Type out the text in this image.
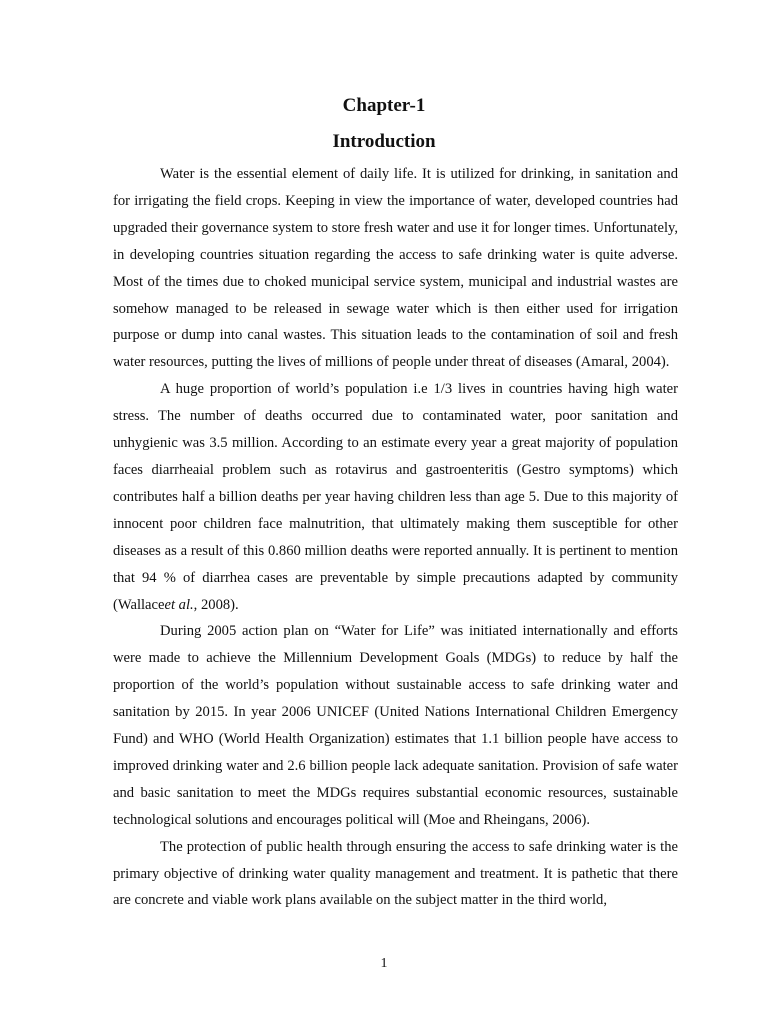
Chapter-1
Introduction

Water is the essential element of daily life. It is utilized for drinking, in sanitation and for irrigating the field crops. Keeping in view the importance of water, developed countries had upgraded their governance system to store fresh water and use it for longer times. Unfortunately, in developing countries situation regarding the access to safe drinking water is quite adverse. Most of the times due to choked municipal service system, municipal and industrial wastes are somehow managed to be released in sewage water which is then either used for irrigation purpose or dump into canal wastes. This situation leads to the contamination of soil and fresh water resources, putting the lives of millions of people under threat of diseases (Amaral, 2004).

A huge proportion of world’s population i.e 1/3 lives in countries having high water stress. The number of deaths occurred due to contaminated water, poor sanitation and unhygienic was 3.5 million. According to an estimate every year a great majority of population faces diarrheaial problem such as rotavirus and gastroenteritis (Gestro symptoms) which contributes half a billion deaths per year having children less than age 5. Due to this majority of innocent poor children face malnutrition, that ultimately making them susceptible for other diseases as a result of this 0.860 million deaths were reported annually. It is pertinent to mention that 94 % of diarrhea cases are preventable by simple precautions adapted by community (Wallaceet al., 2008).

During 2005 action plan on “Water for Life” was initiated internationally and efforts were made to achieve the Millennium Development Goals (MDGs) to reduce by half the proportion of the world’s population without sustainable access to safe drinking water and sanitation by 2015. In year 2006 UNICEF (United Nations International Children Emergency Fund) and WHO (World Health Organization) estimates that 1.1 billion people have access to improved drinking water and 2.6 billion people lack adequate sanitation. Provision of safe water and basic sanitation to meet the MDGs requires substantial economic resources, sustainable technological solutions and encourages political will (Moe and Rheingans, 2006).

The protection of public health through ensuring the access to safe drinking water is the primary objective of drinking water quality management and treatment. It is pathetic that there are concrete and viable work plans available on the subject matter in the third world,

1
